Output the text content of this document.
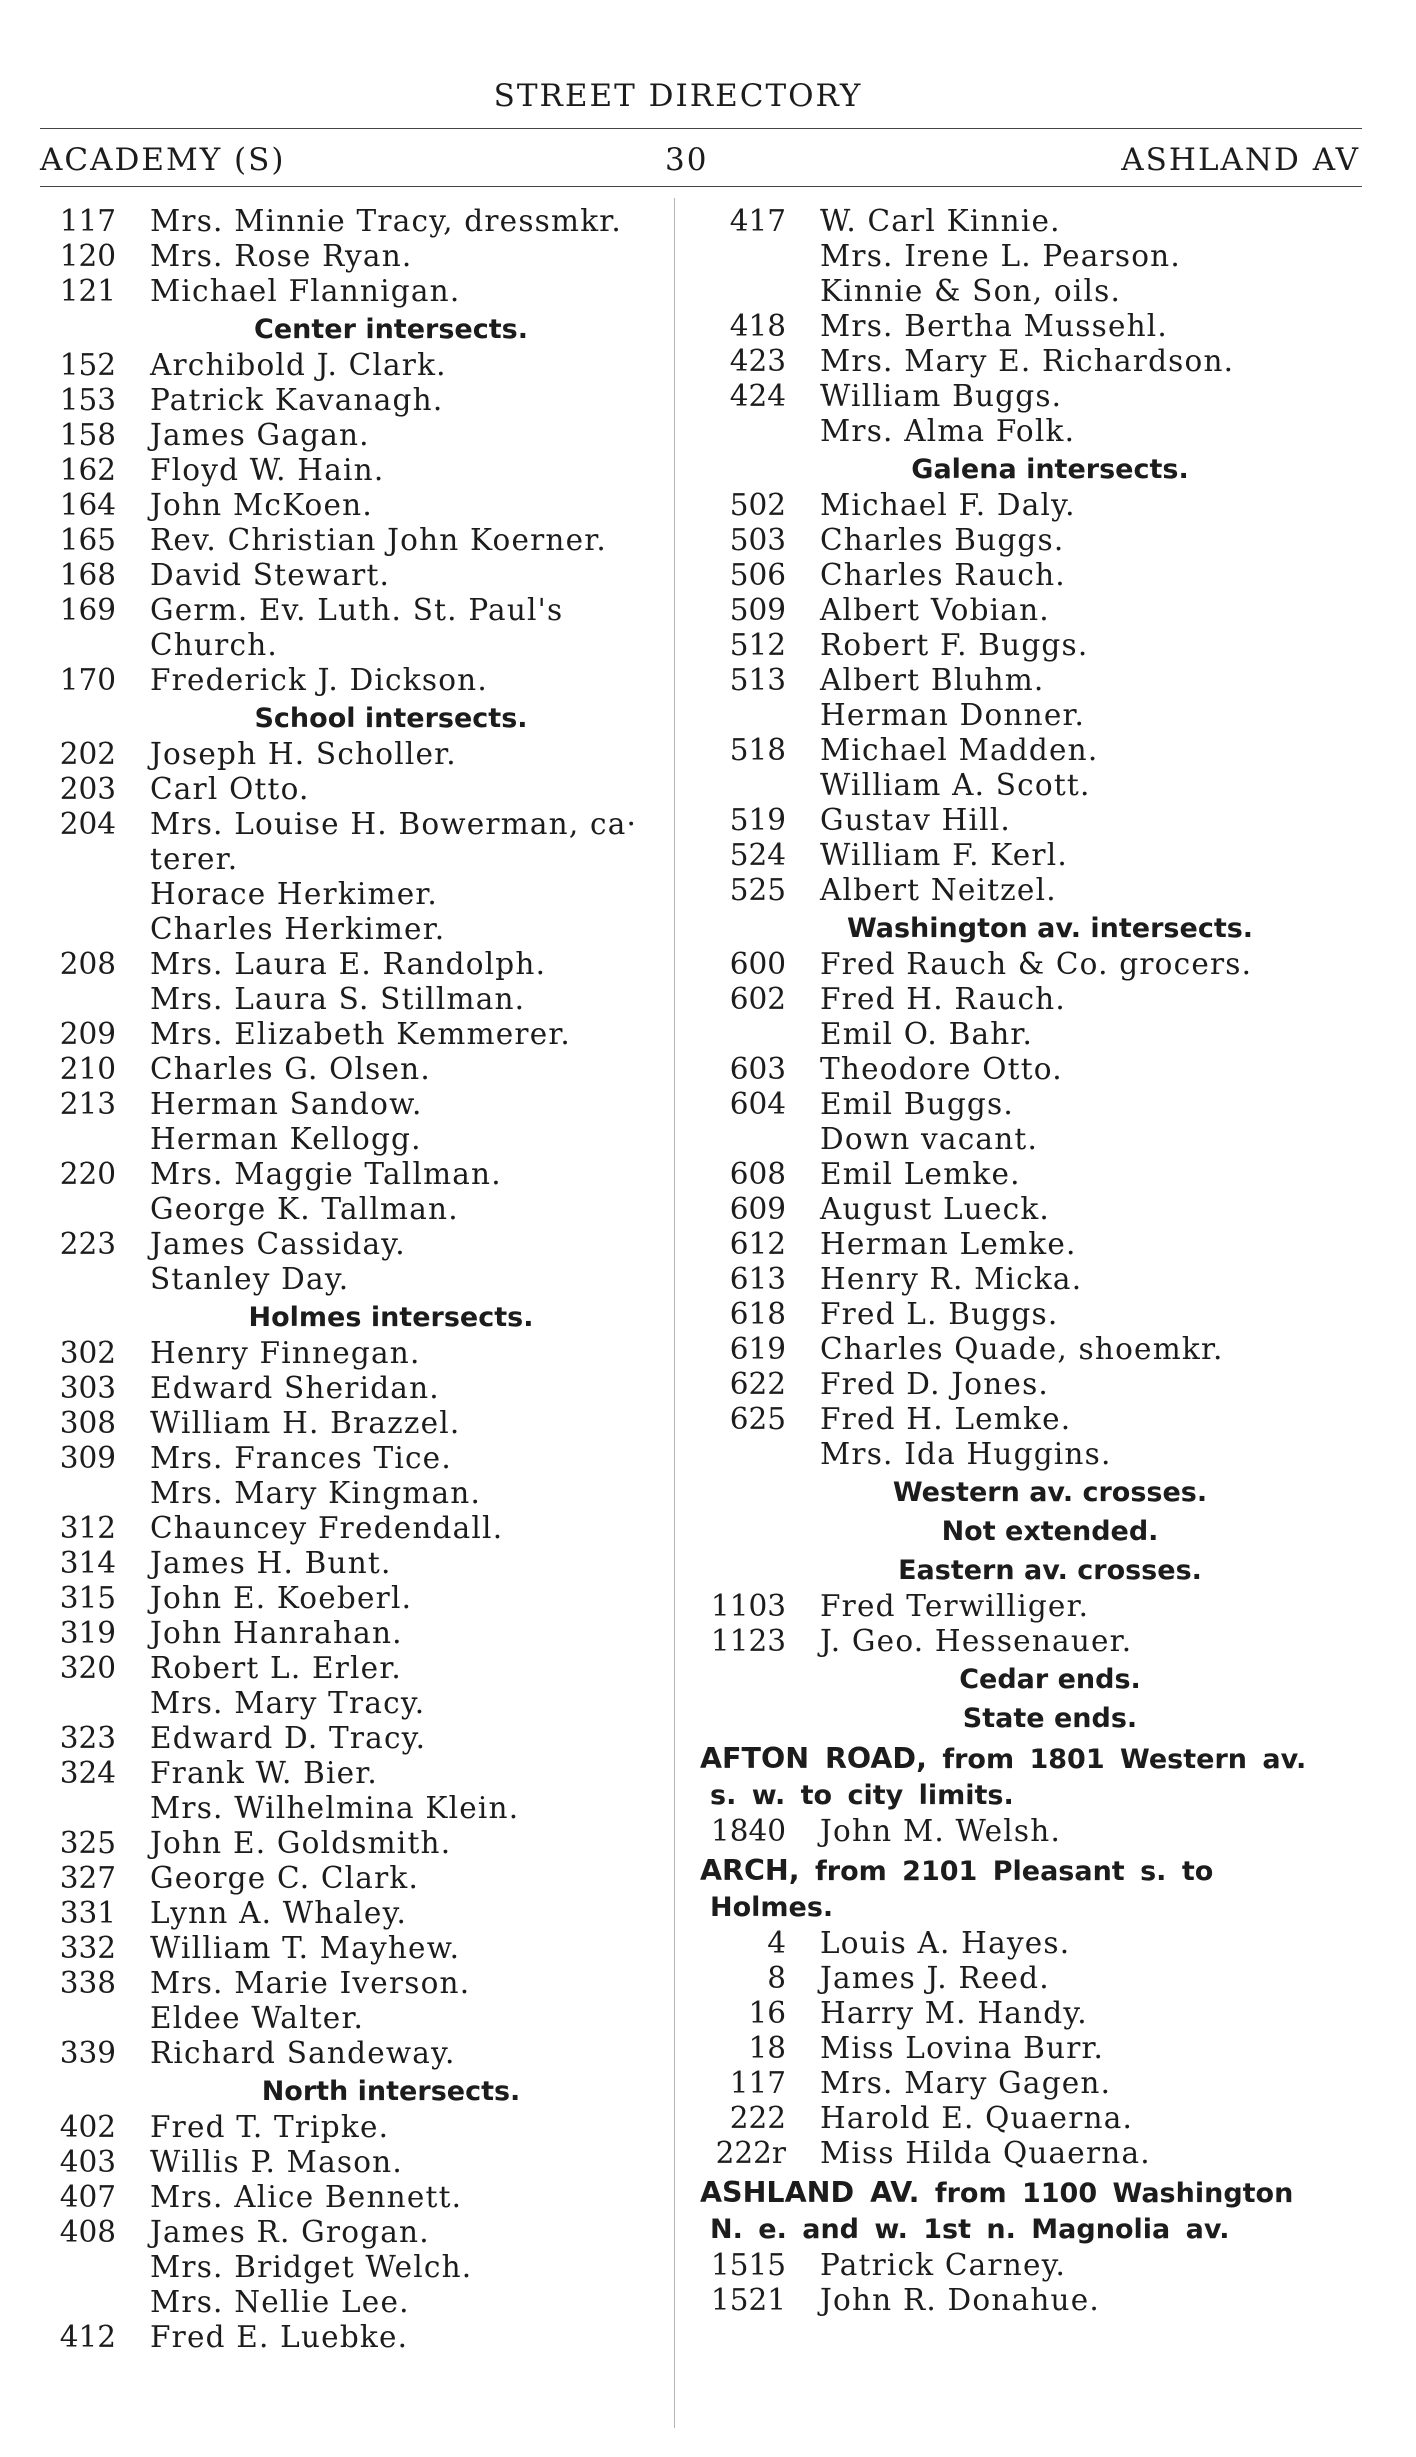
STREET DIRECTORY
ACADEMY (S)	30	ASHLAND AV
117	Mrs. Minnie Tracy, dressmkr.
120	Mrs. Rose Ryan.
121	Michael Flannigan.
Center intersects.
152	Archibold J. Clark.
153	Patrick Kavanagh.
158	James Gagan.
162	Floyd W. Hain.
164	John McKoen.
165	Rev. Christian John Koerner.
168	David Stewart.
169	Germ. Ev. Luth. St. Paul's
Church.
170	Frederick J. Dickson.
School intersects.
202	Joseph H. Scholler.
203	Carl Otto.
204	Mrs. Louise H. Bowerman, ca·
terer.
Horace Herkimer.
Charles Herkimer.
208	Mrs. Laura E. Randolph.
Mrs. Laura S. Stillman.
209	Mrs. Elizabeth Kemmerer.
210	Charles G. Olsen.
213	Herman Sandow.
Herman Kellogg.
220	Mrs. Maggie Tallman.
George K. Tallman.
223	James Cassiday.
Stanley Day.
Holmes intersects.
302	Henry Finnegan.
303	Edward Sheridan.
308	William H. Brazzel.
309	Mrs. Frances Tice.
Mrs. Mary Kingman.
312	Chauncey Fredendall.
314	James H. Bunt.
315	John E. Koeberl.
319	John Hanrahan.
320	Robert L. Erler.
Mrs. Mary Tracy.
323	Edward D. Tracy.
324	Frank W. Bier.
Mrs. Wilhelmina Klein.
325	John E. Goldsmith.
327	George C. Clark.
331	Lynn A. Whaley.
332	William T. Mayhew.
338	Mrs. Marie Iverson.
Eldee Walter.
339	Richard Sandeway.
North intersects.
402	Fred T. Tripke.
403	Willis P. Mason.
407	Mrs. Alice Bennett.
408	James R. Grogan.
Mrs. Bridget Welch.
Mrs. Nellie Lee.
412	Fred E. Luebke.
417	W. Carl Kinnie.
Mrs. Irene L. Pearson.
Kinnie & Son, oils.
418	Mrs. Bertha Mussehl.
423	Mrs. Mary E. Richardson.
424	William Buggs.
Mrs. Alma Folk.
Galena intersects.
502	Michael F. Daly.
503	Charles Buggs.
506	Charles Rauch.
509	Albert Vobian.
512	Robert F. Buggs.
513	Albert Bluhm.
Herman Donner.
518	Michael Madden.
William A. Scott.
519	Gustav Hill.
524	William F. Kerl.
525	Albert Neitzel.
Washington av. intersects.
600	Fred Rauch & Co. grocers.
602	Fred H. Rauch.
Emil O. Bahr.
603	Theodore Otto.
604	Emil Buggs.
Down vacant.
608	Emil Lemke.
609	August Lueck.
612	Herman Lemke.
613	Henry R. Micka.
618	Fred L. Buggs.
619	Charles Quade, shoemkr.
622	Fred D. Jones.
625	Fred H. Lemke.
Mrs. Ida Huggins.
Western av. crosses.
Not extended.
Eastern av. crosses.
1103	Fred Terwilliger.
1123	J. Geo. Hessenauer.
Cedar ends.
State ends.
AFTON ROAD, from 1801 Western av. s. w. to city limits.
1840	John M. Welsh.
ARCH, from 2101 Pleasant s. to Holmes.
4	Louis A. Hayes.
8	James J. Reed.
16	Harry M. Handy.
18	Miss Lovina Burr.
117	Mrs. Mary Gagen.
222	Harold E. Quaerna.
222r	Miss Hilda Quaerna.
ASHLAND AV. from 1100 Washington N. e. and w. 1st n. Magnolia av.
1515	Patrick Carney.
1521	John R. Donahue.
